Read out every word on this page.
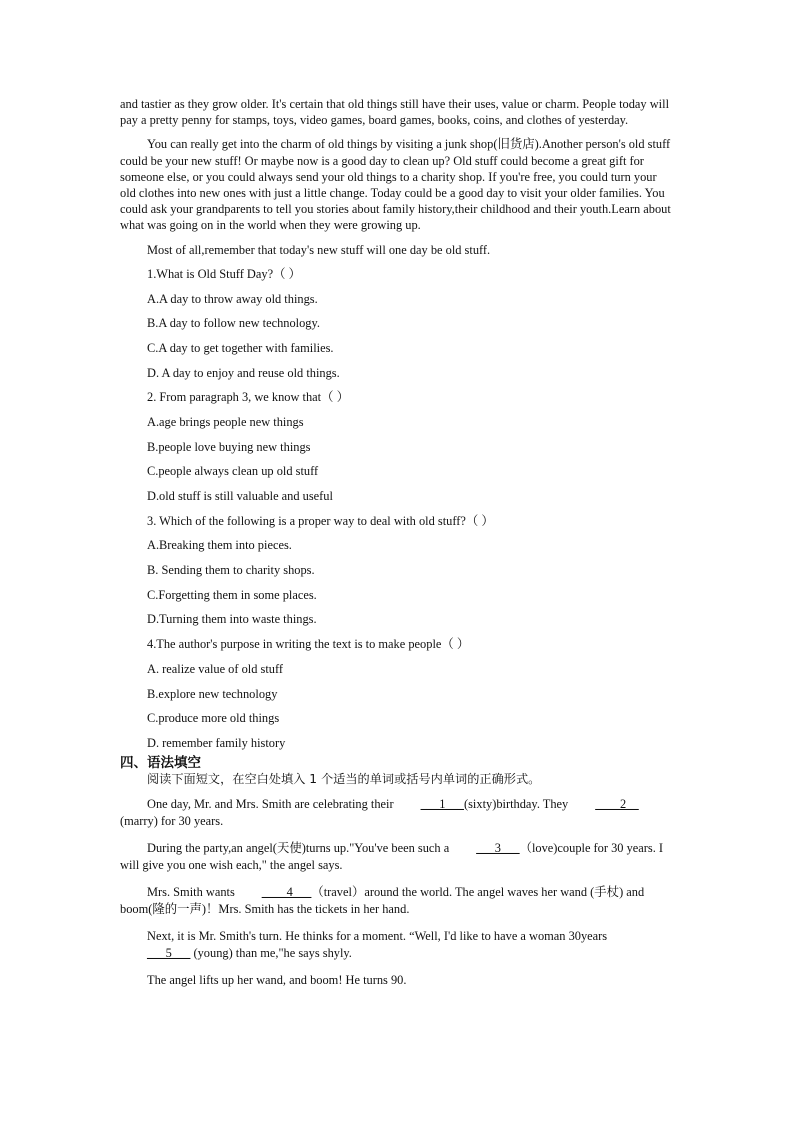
and tastier as they grow older. It's certain that old things still have their uses, value or charm. People today will pay a pretty penny for stamps, toys, video games, board games, books, coins, and clothes of yesterday.

You can really get into the charm of old things by visiting a junk shop(旧货店).Another person's old stuff could be your new stuff! Or maybe now is a good day to clean up? Old stuff could become a great gift for someone else, or you could always send your old things to a charity shop. If you're free, you could turn your old clothes into new ones with just a little change. Today could be a good day to visit your older families. You could ask your grandparents to tell you stories about family history,their childhood and their youth.Learn about what was going on in the world when they were growing up.

Most of all,remember that today's new stuff will one day be old stuff.

1.What is Old Stuff Day?（ ）

A.A day to throw away old things.

B.A day to follow new technology.

C.A day to get together with families.

D. A day to enjoy and reuse old things.

2. From paragraph 3, we know that（ ）

A.age brings people new things

B.people love buying new things

C.people always clean up old stuff

D.old stuff is still valuable and useful

3. Which of the following is a proper way to deal with old stuff?（ ）

A.Breaking them into pieces.

B. Sending them to charity shops.

C.Forgetting them in some places.

D.Turning them into waste things.

4.The author's purpose in writing the text is to make people（ ）

A. realize value of old stuff

B.explore new technology

C.produce more old things

D. remember family history

四、语法填空

阅读下面短文，在空白处填入 1 个适当的单词或括号内单词的正确形式。

One day, Mr. and Mrs. Smith are celebrating their ___1___(sixty)birthday. They ____2__(marry) for 30 years.

During the party,an angel(天使)turns up."You've been such a ___3___（love)couple for 30 years. I will give you one wish each," the angel says.

Mrs. Smith wants ____4___（travel）around the world. The angel waves her wand (手杖) and boom(隆的一声)！Mrs. Smith has the tickets in her hand.

Next, it is Mr. Smith's turn. He thinks for a moment. “Well, I'd like to have a woman 30years ___5___ (young) than me,"he says shyly.

The angel lifts up her wand, and boom! He turns 90.
